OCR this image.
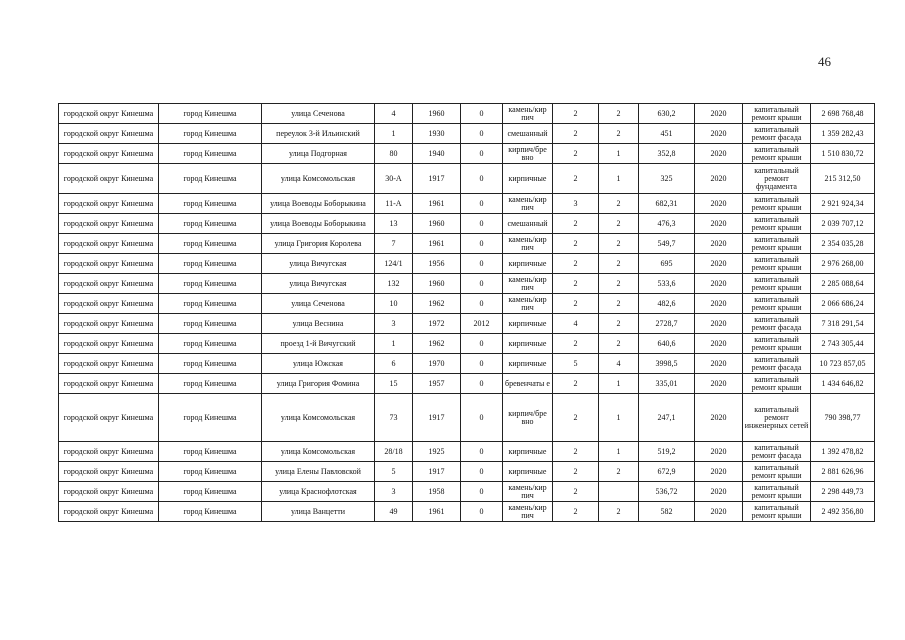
46
городской округ Кинешма	город Кинешма	улица Сеченова	4	1960	0	камень/кир пич	2	2	630,2	2020	капитальный ремонт крыши	2 698 768,48
городской округ Кинешма	город Кинешма	переулок 3-й Ильинский	1	1930	0	смешанный	2	2	451	2020	капитальный ремонт фасада	1 359 282,43
городской округ Кинешма	город Кинешма	улица Подгорная	80	1940	0	кирпич/бре вно	2	1	352,8	2020	капитальный ремонт крыши	1 510 830,72
городской округ Кинешма	город Кинешма	улица Комсомольская	30-А	1917	0	кирпичные	2	1	325	2020	капитальный ремонт фундамента	215 312,50
городской округ Кинешма	город Кинешма	улица Воеводы Боборыкина	11-А	1961	0	камень/кир пич	3	2	682,31	2020	капитальный ремонт крыши	2 921 924,34
городской округ Кинешма	город Кинешма	улица Воеводы Боборыкина	13	1960	0	смешанный	2	2	476,3	2020	капитальный ремонт крыши	2 039 707,12
городской округ Кинешма	город Кинешма	улица Григория Королева	7	1961	0	камень/кир пич	2	2	549,7	2020	капитальный ремонт крыши	2 354 035,28
городской округ Кинешма	город Кинешма	улица Вичугская	124/1	1956	0	кирпичные	2	2	695	2020	капитальный ремонт крыши	2 976 268,00
городской округ Кинешма	город Кинешма	улица Вичугская	132	1960	0	камень/кир пич	2	2	533,6	2020	капитальный ремонт крыши	2 285 088,64
городской округ Кинешма	город Кинешма	улица Сеченова	10	1962	0	камень/кир пич	2	2	482,6	2020	капитальный ремонт крыши	2 066 686,24
городской округ Кинешма	город Кинешма	улица Веснина	3	1972	2012	кирпичные	4	2	2728,7	2020	капитальный ремонт фасада	7 318 291,54
городской округ Кинешма	город Кинешма	проезд 1-й Вичугский	1	1962	0	кирпичные	2	2	640,6	2020	капитальный ремонт крыши	2 743 305,44
городской округ Кинешма	город Кинешма	улица Южская	6	1970	0	кирпичные	5	4	3998,5	2020	капитальный ремонт фасада	10 723 857,05
городской округ Кинешма	город Кинешма	улица Григория Фомина	15	1957	0	бревенчаты е	2	1	335,01	2020	капитальный ремонт крыши	1 434 646,82
городской округ Кинешма	город Кинешма	улица Комсомольская	73	1917	0	кирпич/бре вно	2	1	247,1	2020	капитальный ремонт инженерных сетей	790 398,77
городской округ Кинешма	город Кинешма	улица Комсомольская	28/18	1925	0	кирпичные	2	1	519,2	2020	капитальный ремонт фасада	1 392 478,82
городской округ Кинешма	город Кинешма	улица Елены Павловской	5	1917	0	кирпичные	2	2	672,9	2020	капитальный ремонт крыши	2 881 626,96
городской округ Кинешма	город Кинешма	улица Краснофлотская	3	1958	0	камень/кир пич	2		536,72	2020	капитальный ремонт крыши	2 298 449,73
городской округ Кинешма	город Кинешма	улица Ванцетти	49	1961	0	камень/кир пич	2	2	582	2020	капитальный ремонт крыши	2 492 356,80
